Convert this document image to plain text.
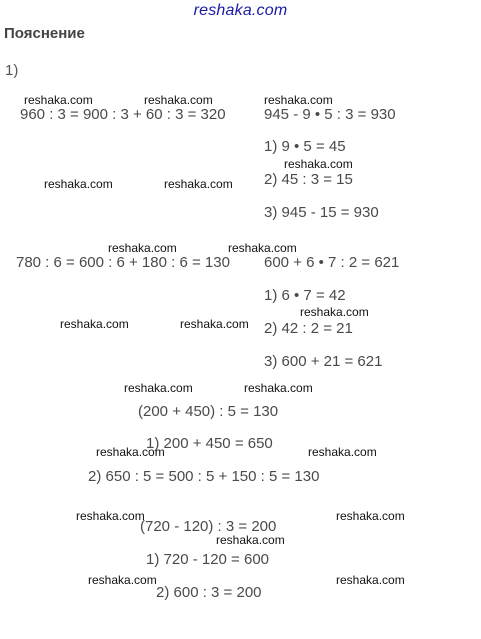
reshaka.com
Пояснение
1)
960 : 3 = 900 : 3 + 60 : 3 = 320	945 - 9 • 5 : 3 = 930
1) 9 • 5 = 45
2) 45 : 3 = 15
3) 945 - 15 = 930
780 : 6 = 600 : 6 + 180 : 6 = 130 600 + 6 • 7 : 2 = 621
1) 6 • 7 = 42
2) 42 : 2 = 21
3) 600 + 21 = 621
(200 + 450) : 5 = 130
1) 200 + 450 = 650
2) 650 : 5 = 500 : 5 + 150 : 5 = 130
(720 - 120) : 3 = 200
1) 720 - 120 = 600
2) 600 : 3 = 200
reshaka.com	reshaka.com	reshaka.com
reshaka.com
reshaka.com	reshaka.com
reshaka.com	reshaka.com
reshaka.com
reshaka.com	reshaka.com
reshaka.com	reshaka.com
reshaka.com	reshaka.com
reshaka.com	reshaka.com
reshaka.com
reshaka.com	reshaka.com
